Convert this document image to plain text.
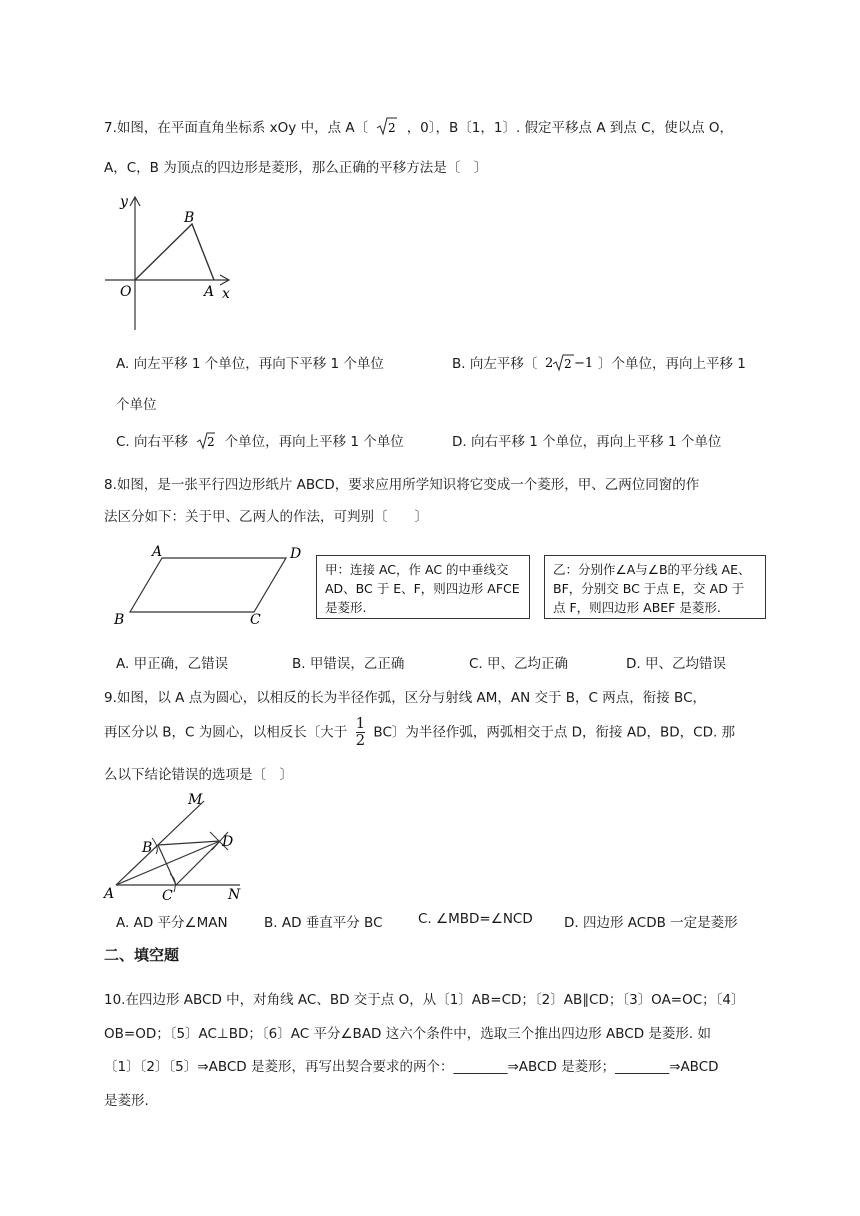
7.如图，在平面直角坐标系 xOy 中，点 A〔 2 ，0〕，B〔1，1〕. 假定平移点 A 到点 C，使以点 O，
A，C，B 为顶点的四边形是菱形，那么正确的平移方法是〔　〕
y
x
O	A
B
A. 向左平移 1 个单位，再向下平移 1 个单位	B. 向左平移〔 2 2 −1 〕个单位，再向上平移 1
个单位
C. 向右平移 2 个单位，再向上平移 1 个单位	D. 向右平移 1 个单位，再向上平移 1 个单位
8.如图，是一张平行四边形纸片 ABCD，要求应用所学知识将它变成一个菱形，甲、乙两位同窗的作
法区分如下：关于甲、乙两人的作法，可判别〔　　〕
A	D
B	C
甲：连接 AC，作 AC 的中垂线交
AD、BC 于 E、F，则四边形 AFCE
是菱形.
乙：分别作∠A与∠B的平分线 AE、
BF，分别交 BC 于点 E，交 AD 于
点 F，则四边形 ABEF 是菱形.
A. 甲正确，乙错误	B. 甲错误，乙正确	C. 甲、乙均正确	D. 甲、乙均错误
9.如图，以 A 点为圆心，以相反的长为半径作弧，区分与射线 AM，AN 交于 B，C 两点，衔接 BC，
再区分以 B，C 为圆心，以相反长〔大于 $\frac{1}{2}$ BC〕为半径作弧，两弧相交于点 D，衔接 AD，BD，CD. 那
么以下结论错误的选项是〔　〕
M
B	D
A	C	N
A. AD 平分∠MAN	B. AD 垂直平分 BC	C. ∠MBD=∠NCD D. 四边形 ACDB 一定是菱形
二、填空题
10.在四边形 ABCD 中，对角线 AC、BD 交于点 O，从〔1〕AB=CD；〔2〕AB∥CD；〔3〕OA=OC；〔4〕
OB=OD；〔5〕AC⊥BD；〔6〕AC 平分∠BAD 这六个条件中，选取三个推出四边形 ABCD 是菱形. 如
〔1〕〔2〕〔5〕⇒ABCD 是菱形，再写出契合要求的两个：________⇒ABCD 是菱形；________⇒ABCD
是菱形.
